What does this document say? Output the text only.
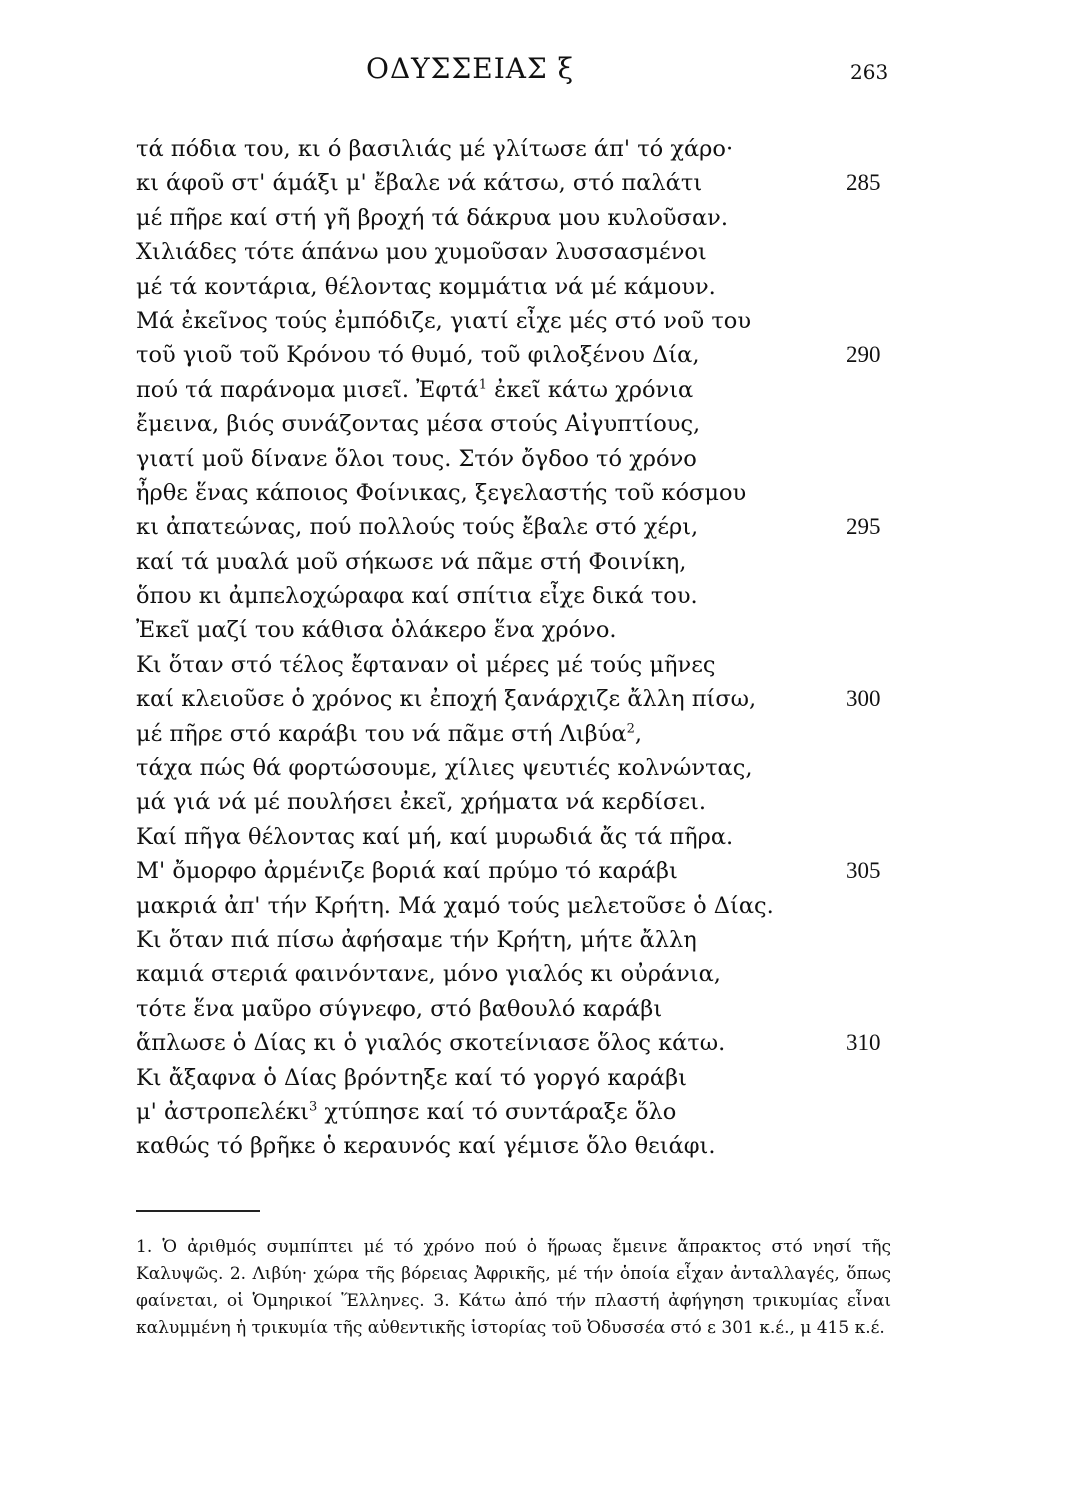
ΟΔΥΣΣΕΙΑΣ ξ	263
τά πόδια του, κι ό βασιλιάς μέ γλίτωσε άπ' τό χάρο·
κι άφοῦ στ' άμάξι μ' ἔβαλε νά κάτσω, στό παλάτι	285
μέ πῆρε καί στή γῆ βροχή τά δάκρυα μου κυλοῦσαν.
Χιλιάδες τότε άπάνω μου χυμοῦσαν λυσσασμένοι
μέ τά κοντάρια, θέλοντας κομμάτια νά μέ κάμουν.
Μά ἐκεῖνος τούς ἐμπόδιζε, γιατί εἶχε μές στό νοῦ του
τοῦ γιοῦ τοῦ Κρόνου τό θυμό, τοῦ φιλοξένου Δία,	290
πού τά παράνομα μισεῖ. Ἐφτά$^1$ ἐκεῖ κάτω χρόνια
ἔμεινα, βιός συνάζοντας μέσα στούς Αἰγυπτίους,
γιατί μοῦ δίνανε ὅλοι τους. Στόν ὄγδοο τό χρόνο
ἦρθε ἕνας κάποιος Φοίνικας, ξεγελαστής τοῦ κόσμου
κι ἀπατεώνας, πού πολλούς τούς ἔβαλε στό χέρι,	295
καί τά μυαλά μοῦ σήκωσε νά πᾶμε στή Φοινίκη,
ὅπου κι ἀμπελοχώραφα καί σπίτια εἶχε δικά του.
Ἐκεῖ μαζί του κάθισα ὁλάκερο ἕνα χρόνο.
Κι ὅταν στό τέλος ἔφταναν οἱ μέρες μέ τούς μῆνες
καί κλειοῦσε ὁ χρόνος κι ἐποχή ξανάρχιζε ἄλλη πίσω,	300
μέ πῆρε στό καράβι του νά πᾶμε στή Λιβύα$^2$,
τάχα πώς θά φορτώσουμε, χίλιες ψευτιές κολνώντας,
μά γιά νά μέ πουλήσει ἐκεῖ, χρήματα νά κερδίσει.
Καί πῆγα θέλοντας καί μή, καί μυρωδιά ἄς τά πῆρα.
Μ' ὄμορφο ἀρμένιζε βοριά καί πρύμο τό καράβι	305
μακριά ἀπ' τήν Κρήτη. Μά χαμό τούς μελετοῦσε ὁ Δίας.
Κι ὅταν πιά πίσω ἀφήσαμε τήν Κρήτη, μήτε ἄλλη
καμιά στεριά φαινόντανε, μόνο γιαλός κι οὐράνια,
τότε ἕνα μαῦρο σύγνεφο, στό βαθουλό καράβι
ἅπλωσε ὁ Δίας κι ὁ γιαλός σκοτείνιασε ὅλος κάτω.	310
Κι ἄξαφνα ὁ Δίας βρόντηξε καί τό γοργό καράβι
μ' ἀστροπελέκι$^3$ χτύπησε καί τό συντάραξε ὅλο
καθώς τό βρῆκε ὁ κεραυνός καί γέμισε ὅλο θειάφι.
1. Ὁ ἀριθμός συμπίπτει μέ τό χρόνο πού ὁ ἥρωας ἔμεινε ἄπρακτος στό νησί τῆς Καλυψῶς. 2. Λιβύη· χώρα τῆς βόρειας Ἀφρικῆς, μέ τήν ὁποία εἶχαν ἀνταλλαγές, ὅπως φαίνεται, οἱ Ὁμηρικοί Ἕλληνες. 3. Κάτω ἀπό τήν πλαστή ἀφήγηση τρικυμίας εἶναι καλυμμένη ἡ τρικυμία τῆς αὐθεντικῆς ἱστορίας τοῦ Ὀδυσσέα στό ε 301 κ.έ., μ 415 κ.έ.
